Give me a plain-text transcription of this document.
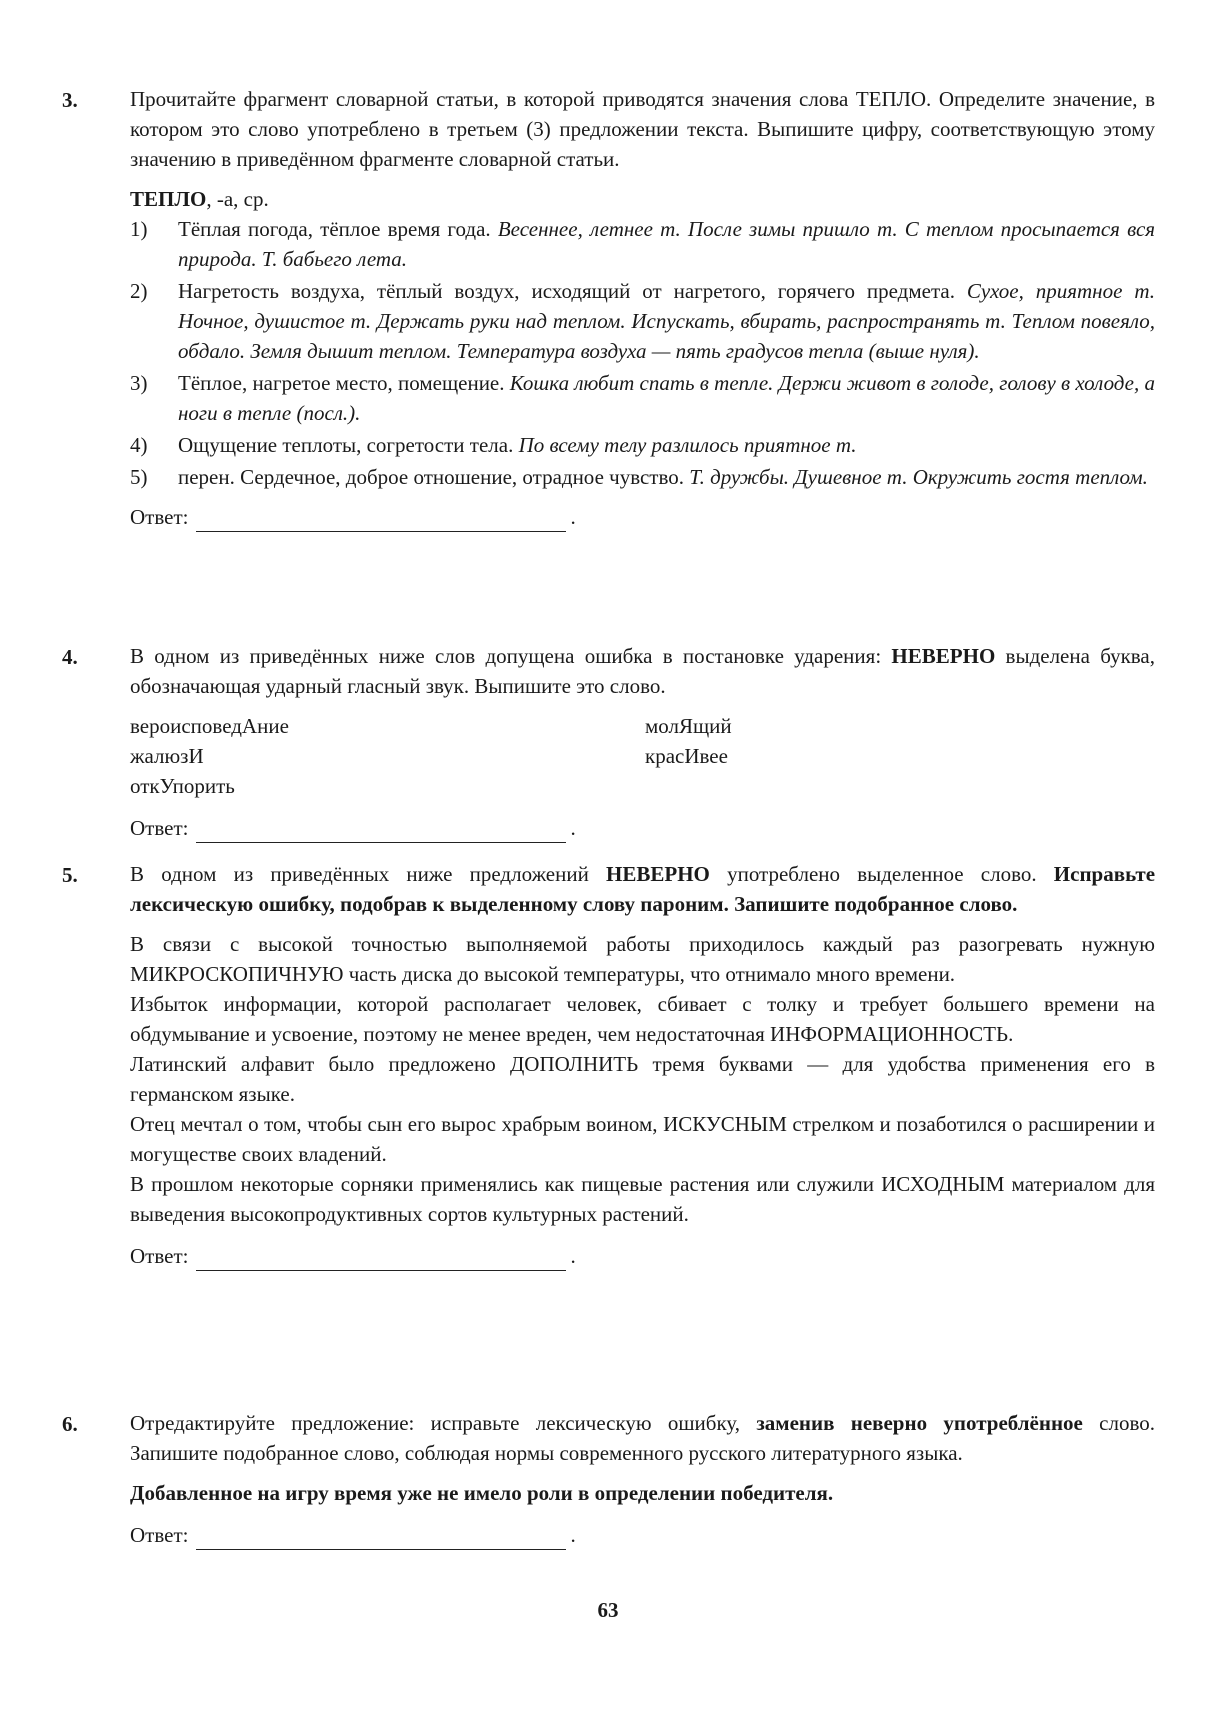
3. Прочитайте фрагмент словарной статьи, в которой приводятся значения слова ТЕПЛО. Определите значение, в котором это слово употреблено в третьем (3) предложении текста. Выпишите цифру, соответствующую этому значению в приведённом фрагменте словарной статьи.

ТЕПЛО, -а, ср.

1) Тёплая погода, тёплое время года. Весеннее, летнее т. После зимы пришло т. С теплом просыпается вся природа. Т. бабьего лета.
2) Нагретость воздуха, тёплый воздух, исходящий от нагретого, горячего предмета. Сухое, приятное т. Ночное, душистое т. Держать руки над теплом. Испускать, вбирать, распространять т. Теплом повеяло, обдало. Земля дышит теплом. Температура воздуха — пять градусов тепла (выше нуля).
3) Тёплое, нагретое место, помещение. Кошка любит спать в тепле. Держи живот в голоде, голову в холоде, а ноги в тепле (посл.).
4) Ощущение теплоты, согретости тела. По всему телу разлилось приятное т.
5) перен. Сердечное, доброе отношение, отрадное чувство. Т. дружбы. Душевное т. Окружить гостя теплом.
Ответ:	.
4. В одном из приведённых ниже слов допущена ошибка в постановке ударения: НЕВЕРНО выделена буква, обозначающая ударный гласный звук. Выпишите это слово.

вероисповедАние	молЯщий
жалюзИ	красИвее
откУпорить
Ответ:	.
5. В одном из приведённых ниже предложений НЕВЕРНО употреблено выделенное слово. Исправьте лексическую ошибку, подобрав к выделенному слову пароним. Запишите подобранное слово.

В связи с высокой точностью выполняемой работы приходилось каждый раз разогревать нужную МИКРОСКОПИЧНУЮ часть диска до высокой температуры, что отнимало много времени.

Избыток информации, которой располагает человек, сбивает с толку и требует большего времени на обдумывание и усвоение, поэтому не менее вреден, чем недостаточная ИНФОРМАЦИОННОСТЬ.

Латинский алфавит было предложено ДОПОЛНИТЬ тремя буквами — для удобства применения его в германском языке.

Отец мечтал о том, чтобы сын его вырос храбрым воином, ИСКУСНЫМ стрелком и позаботился о расширении и могуществе своих владений.

В прошлом некоторые сорняки применялись как пищевые растения или служили ИСХОДНЫМ материалом для выведения высокопродуктивных сортов культурных растений.

Ответ:	.
6. Отредактируйте предложение: исправьте лексическую ошибку, заменив неверно употреблённое слово. Запишите подобранное слово, соблюдая нормы современного русского литературного языка.

Добавленное на игру время уже не имело роли в определении победителя.

Ответ:	.
63
